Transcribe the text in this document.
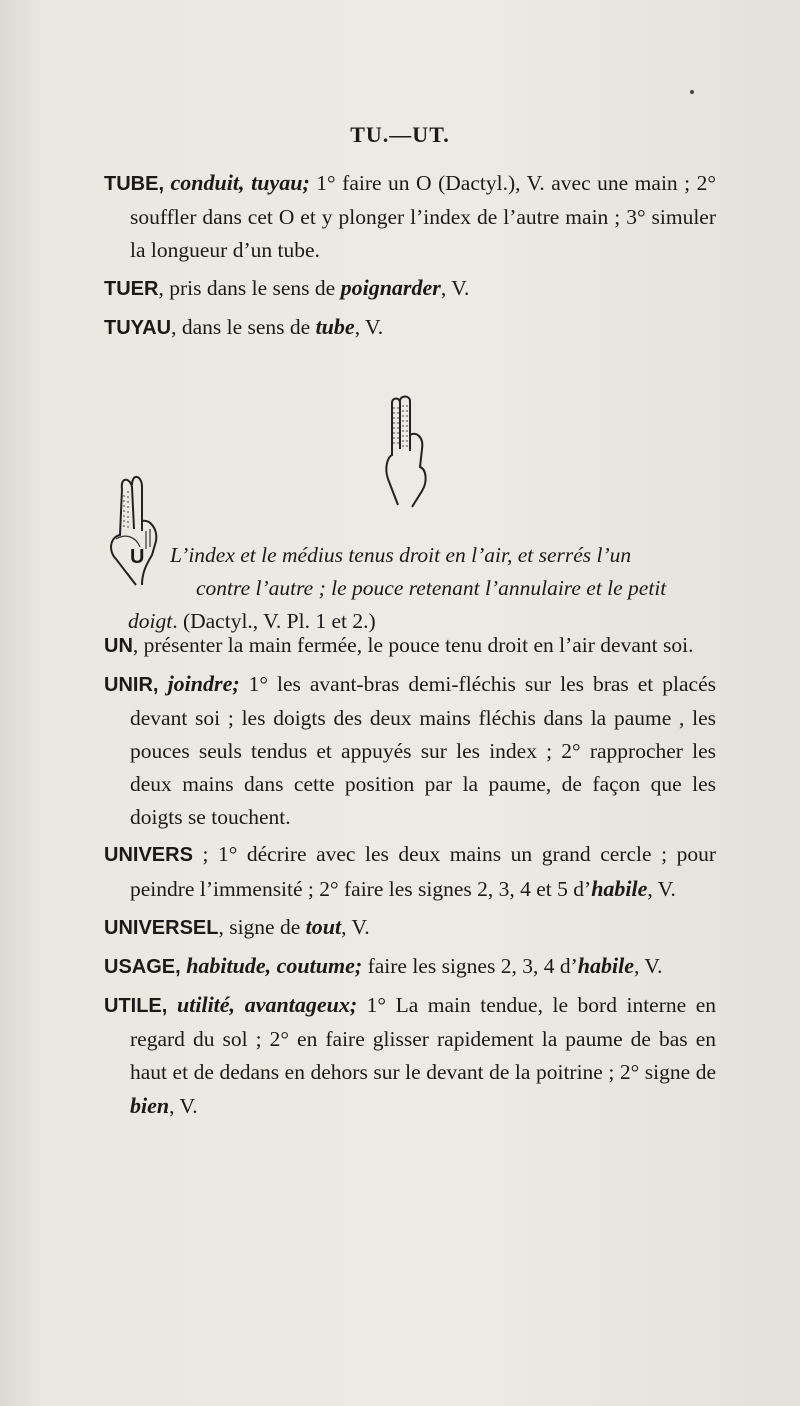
TU.—UT.

TUBE, conduit, tuyau; 1° faire un O (Dactyl.), V. avec une main ; 2° souffler dans cet O et y plonger l’index de l’autre main ; 3° simuler la longueur d’un tube.

TUER, pris dans le sens de poignarder, V.

TUYAU, dans le sens de tube, V.

U L’index et le médius tenus droit en l’air, et serrés l’un
contre l’autre ; le pouce retenant l’annulaire et le petit
doigt. (Dactyl., V. Pl. 1 et 2.)

UN, présenter la main fermée, le pouce tenu droit en l’air devant soi.

UNIR, joindre; 1° les avant-bras demi-fléchis sur les bras et placés devant soi ; les doigts des deux mains fléchis dans la paume , les pouces seuls tendus et appuyés sur les index ; 2° rapprocher les deux mains dans cette position par la paume, de façon que les doigts se touchent.

UNIVERS ; 1° décrire avec les deux mains un grand cercle ; pour peindre l’immensité ; 2° faire les signes 2, 3, 4 et 5 d’habile, V.

UNIVERSEL, signe de tout, V.

USAGE, habitude, coutume; faire les signes 2, 3, 4 d’habile, V.

UTILE, utilité, avantageux; 1° La main tendue, le bord interne en regard du sol ; 2° en faire glisser rapidement la paume de bas en haut et de dedans en dehors sur le devant de la poitrine ; 2° signe de bien, V.
